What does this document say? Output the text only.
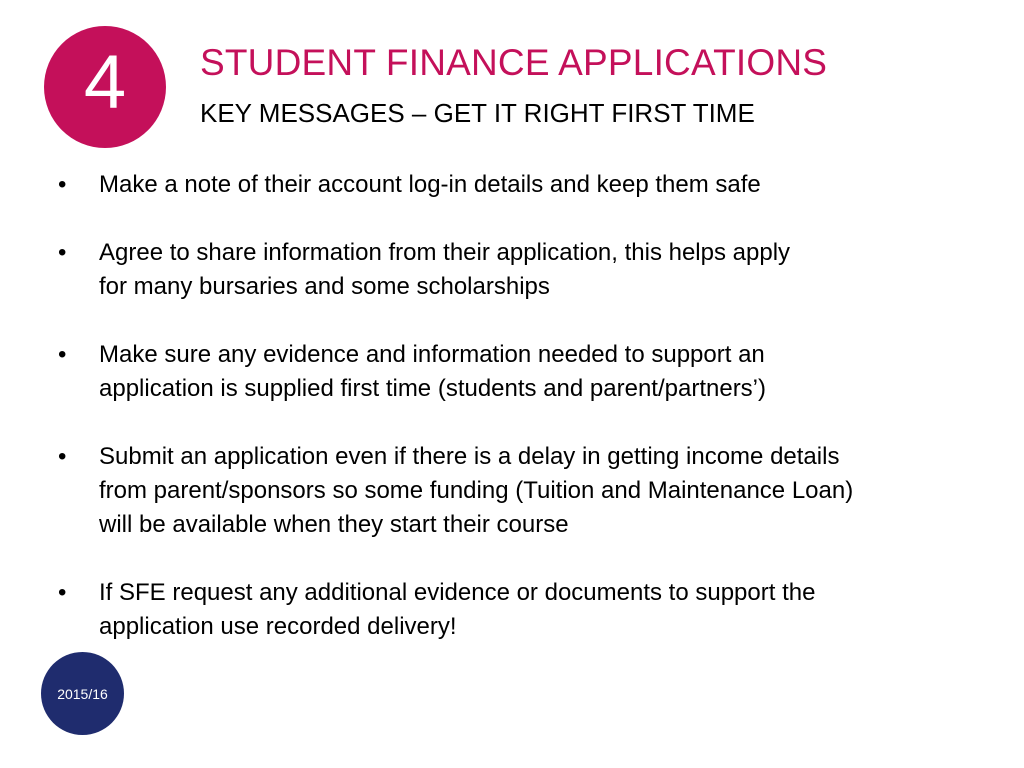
4 STUDENT FINANCE APPLICATIONS
KEY MESSAGES – GET IT RIGHT FIRST TIME
• Make a note of their account log-in details and keep them safe
• Agree to share information from their application, this helps apply
for many bursaries and some scholarships
• Make sure any evidence and information needed to support an
application is supplied first time (students and parent/partners’)
• Submit an application even if there is a delay in getting income details
from parent/sponsors so some funding (Tuition and Maintenance Loan)
will be available when they start their course
• If SFE request any additional evidence or documents to support the
application use recorded delivery!
2015/16
